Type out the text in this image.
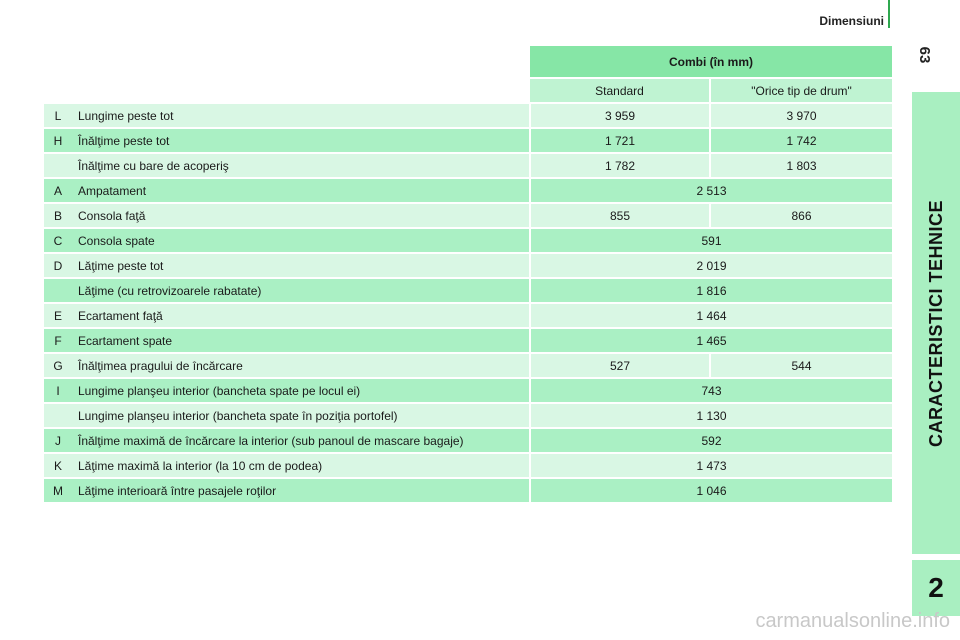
Dimensiuni
63
CARACTERISTICI TEHNICE
2
		Combi (în mm)	
		Standard	"Orice tip de drum"
L	Lungime peste tot	3 959	3 970
H	Înălţime peste tot	1 721	1 742
	Înălţime cu bare de acoperiş	1 782	1 803
A	Ampatament	2 513	
B	Consola faţă	855	866
C	Consola spate	591	
D	Lăţime peste tot	2 019	
	Lăţime (cu retrovizoarele rabatate)	1 816	
E	Ecartament faţă	1 464	
F	Ecartament spate	1 465	
G	Înălţimea pragului de încărcare	527	544
I	Lungime planşeu interior (bancheta spate pe locul ei)	743	
	Lungime planşeu interior (bancheta spate în poziţia portofel)	1 130	
J	Înălţime maximă de încărcare la interior (sub panoul de mascare bagaje)	592	
K	Lăţime maximă la interior (la 10 cm de podea)	1 473	
M	Lăţime interioară între pasajele roţilor	1 046	
carmanualsonline.info
